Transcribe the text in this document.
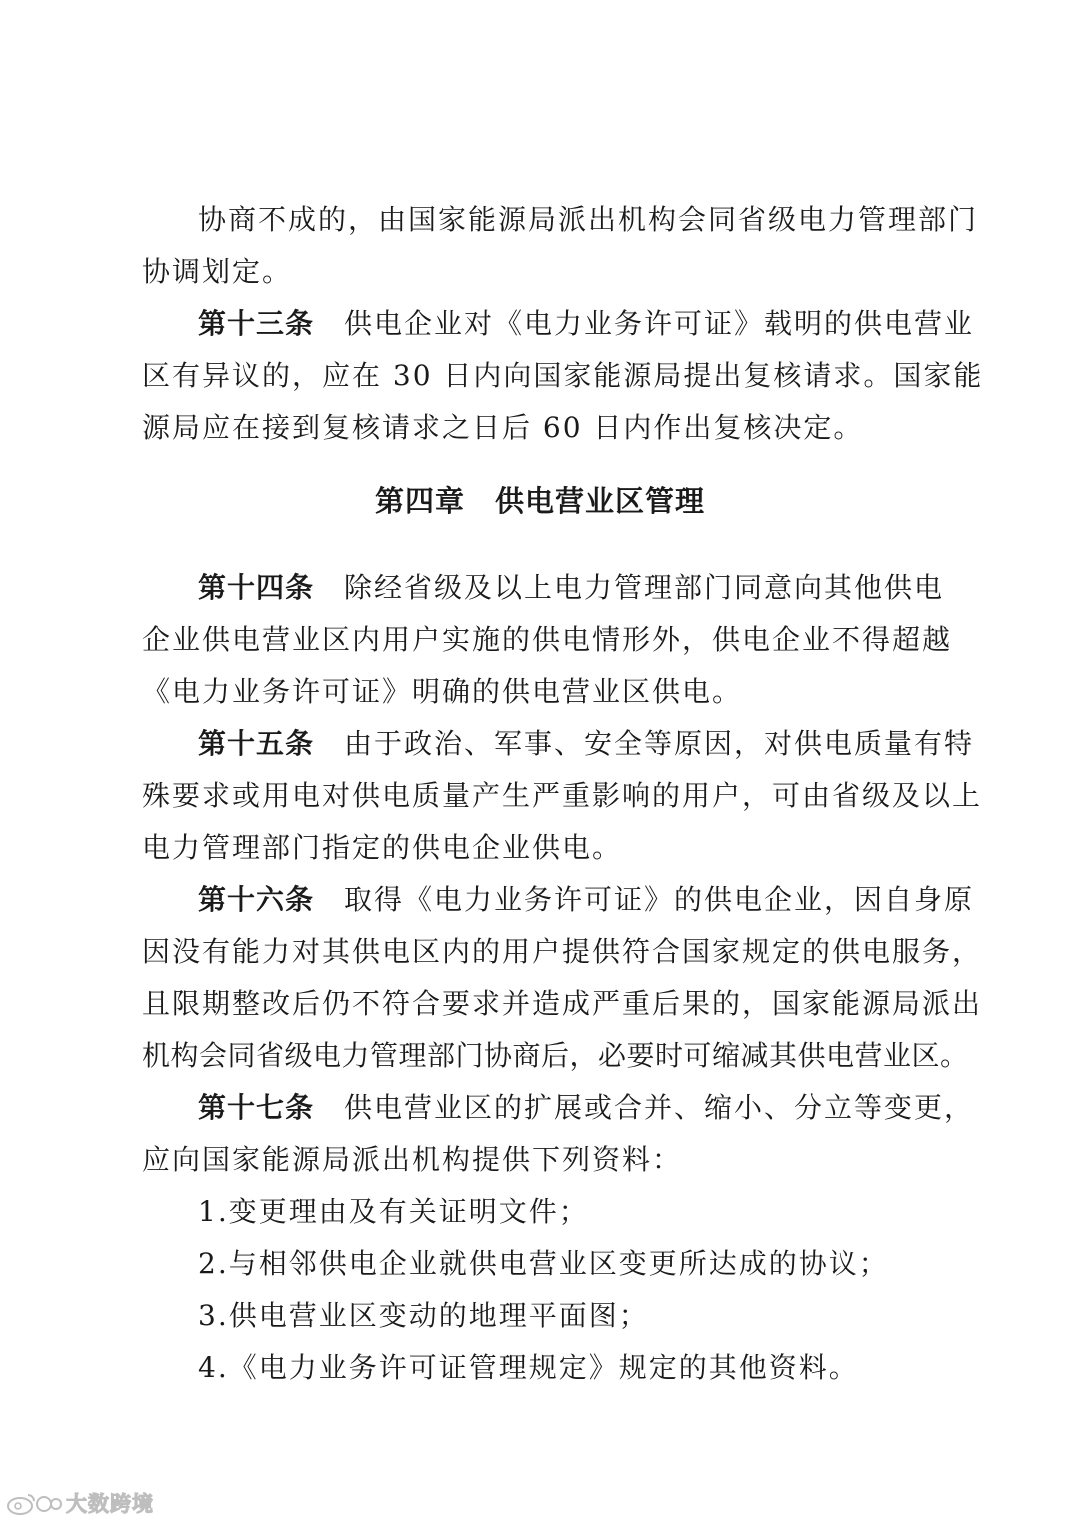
协商不成的，由国家能源局派出机构会同省级电力管理部门
协调划定。
第十三条 供电企业对《电力业务许可证》载明的供电营业
区有异议的，应在 30 日内向国家能源局提出复核请求。国家能
源局应在接到复核请求之日后 60 日内作出复核决定。
第四章　供电营业区管理
第十四条 除经省级及以上电力管理部门同意向其他供电
企业供电营业区内用户实施的供电情形外，供电企业不得超越
《电力业务许可证》明确的供电营业区供电。
第十五条 由于政治、军事、安全等原因，对供电质量有特
殊要求或用电对供电质量产生严重影响的用户，可由省级及以上
电力管理部门指定的供电企业供电。
第十六条 取得《电力业务许可证》的供电企业，因自身原
因没有能力对其供电区内的用户提供符合国家规定的供电服务，
且限期整改后仍不符合要求并造成严重后果的，国家能源局派出
机构会同省级电力管理部门协商后，必要时可缩减其供电营业区。
第十七条 供电营业区的扩展或合并、缩小、分立等变更，
应向国家能源局派出机构提供下列资料：
1.变更理由及有关证明文件；
2.与相邻供电企业就供电营业区变更所达成的协议；
3.供电营业区变动的地理平面图；
4.《电力业务许可证管理规定》规定的其他资料。
大数跨境
